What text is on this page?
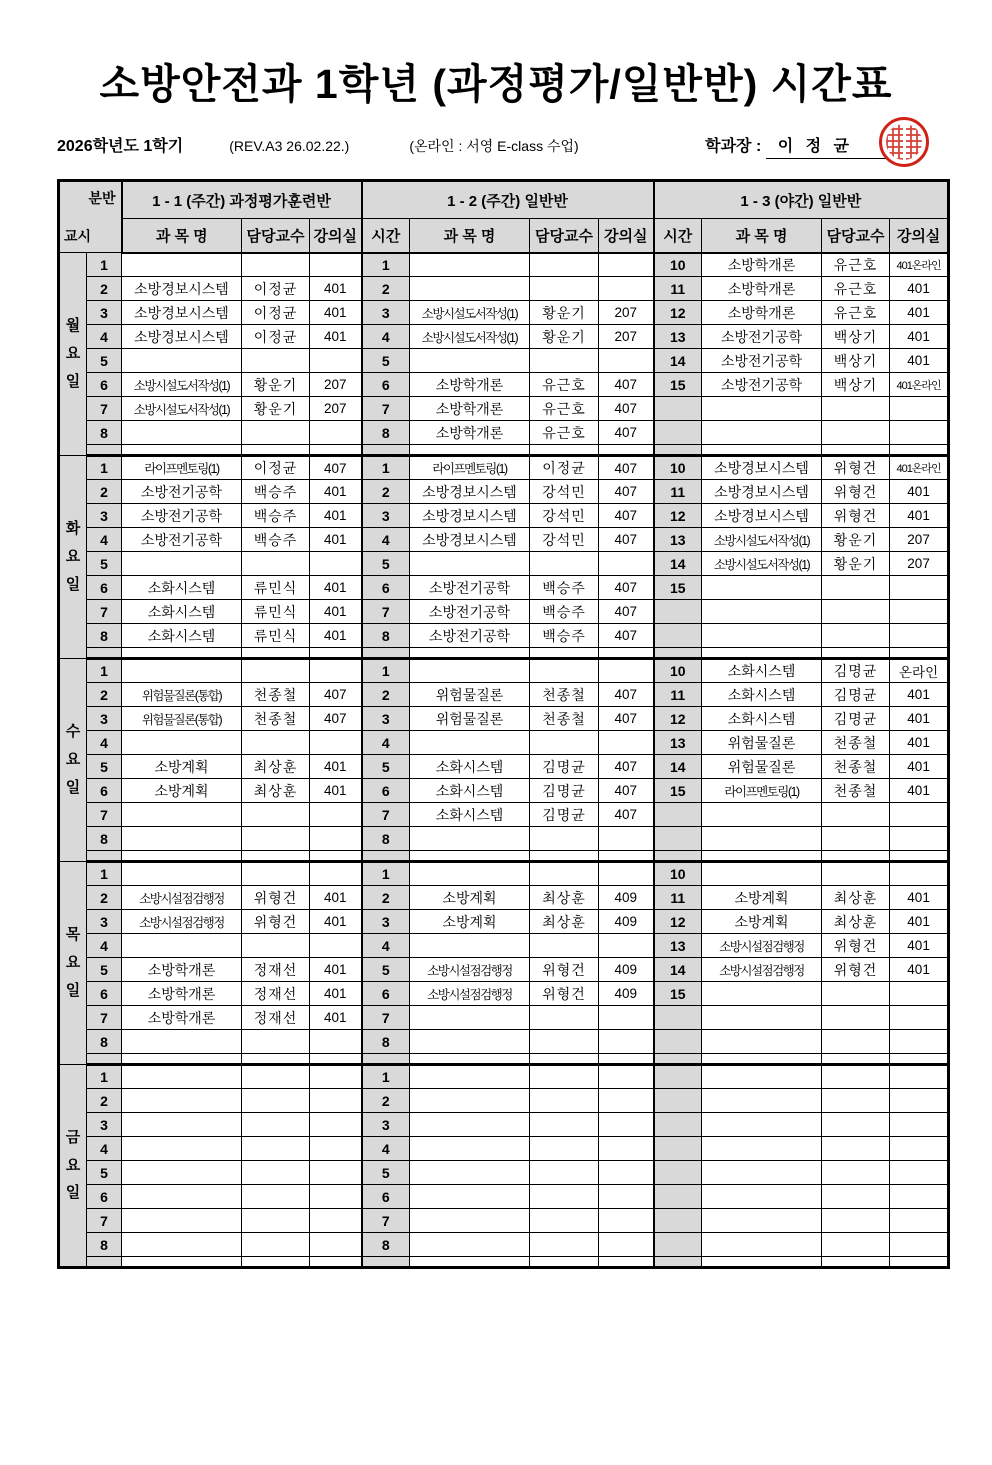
소방안전과 1학년 (과정평가/일반반) 시간표
2026학년도 1학기	(REV.A3 26.02.22.)	(온라인 : 서영 E-class 수업)	학과장 : 이 정 균
분반
교시		1 - 1 (주간) 과정평가훈련반			1 - 2 (주간) 일반반				1 - 3 (야간) 일반반			
		과 목 명	담당교수	강의실	시간	과 목 명	담당교수	강의실	시간	과 목 명	담당교수	강의실

월
요
일	1				1				10	소방학개론	유근호	401온라인
	2	소방경보시스템	이정균	401	2				11	소방학개론	유근호	401
	3	소방경보시스템	이정균	401	3	소방시설도서작성(1)	황운기	207	12	소방학개론	유근호	401
	4	소방경보시스템	이정균	401	4	소방시설도서작성(1)	황운기	207	13	소방전기공학	백상기	401
	5				5				14	소방전기공학	백상기	401
	6	소방시설도서작성(1)	황운기	207	6	소방학개론	유근호	407	15	소방전기공학	백상기	401온라인
	7	소방시설도서작성(1)	황운기	207	7	소방학개론	유근호	407				
	8				8	소방학개론	유근호	407				

화
요
일	1	라이프멘토링(1)	이정균	407	1	라이프멘토링(1)	이정균	407	10	소방경보시스템	위형건	401온라인
	2	소방전기공학	백승주	401	2	소방경보시스템	강석민	407	11	소방경보시스템	위형건	401
	3	소방전기공학	백승주	401	3	소방경보시스템	강석민	407	12	소방경보시스템	위형건	401
	4	소방전기공학	백승주	401	4	소방경보시스템	강석민	407	13	소방시설도서작성(1)	황운기	207
	5				5				14	소방시설도서작성(1)	황운기	207
	6	소화시스템	류민식	401	6	소방전기공학	백승주	407	15			
	7	소화시스템	류민식	401	7	소방전기공학	백승주	407				
	8	소화시스템	류민식	401	8	소방전기공학	백승주	407				

수
요
일	1				1				10	소화시스템	김명균	온라인
	2	위험물질론(통합)	천종철	407	2	위험물질론	천종철	407	11	소화시스템	김명균	401
	3	위험물질론(통합)	천종철	407	3	위험물질론	천종철	407	12	소화시스템	김명균	401
	4				4				13	위험물질론	천종철	401
	5	소방계획	최상훈	401	5	소화시스템	김명균	407	14	위험물질론	천종철	401
	6	소방계획	최상훈	401	6	소화시스템	김명균	407	15	라이프멘토링(1)	천종철	401
	7				7	소화시스템	김명균	407				
	8				8							

목
요
일	1				1				10			
	2	소방시설점검행정	위형건	401	2	소방계획	최상훈	409	11	소방계획	최상훈	401
	3	소방시설점검행정	위형건	401	3	소방계획	최상훈	409	12	소방계획	최상훈	401
	4				4				13	소방시설점검행정	위형건	401
	5	소방학개론	정재선	401	5	소방시설점검행정	위형건	409	14	소방시설점검행정	위형건	401
	6	소방학개론	정재선	401	6	소방시설점검행정	위형건	409	15			
	7	소방학개론	정재선	401	7							
	8				8							

금
요
일	1				1							
	2				2							
	3				3							
	4				4							
	5				5							
	6				6							
	7				7							
	8				8							
